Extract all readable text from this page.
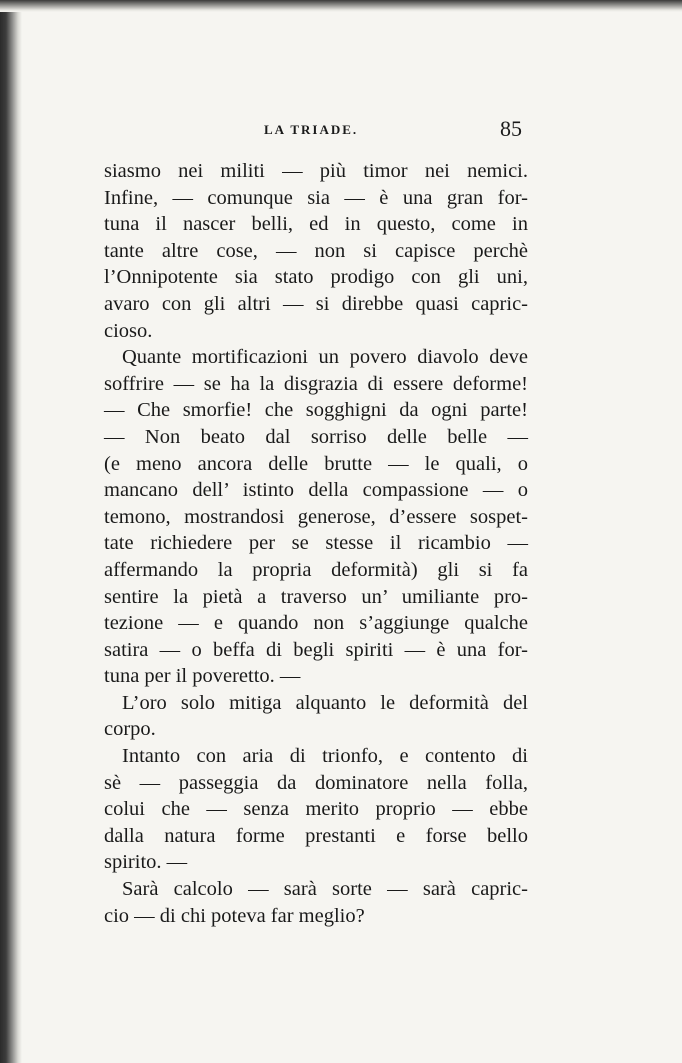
LA TRIADE.	85
siasmo nei militi — più timor nei nemici.
Infine, — comunque sia — è una gran for-
tuna il nascer belli, ed in questo, come in
tante altre cose, — non si capisce perchè
l’Onnipotente sia stato prodigo con gli uni,
avaro con gli altri — si direbbe quasi capric-
cioso.
Quante mortificazioni un povero diavolo deve
soffrire — se ha la disgrazia di essere deforme!
— Che smorfie! che sogghigni da ogni parte!
— Non beato dal sorriso delle belle —
(e meno ancora delle brutte — le quali, o
mancano dell’ istinto della compassione — o
temono, mostrandosi generose, d’essere sospet-
tate richiedere per se stesse il ricambio —
affermando la propria deformità) gli si fa
sentire la pietà a traverso un’ umiliante pro-
tezione — e quando non s’aggiunge qualche
satira — o beffa di begli spiriti — è una for-
tuna per il poveretto. —
L’oro solo mitiga alquanto le deformità del
corpo.
Intanto con aria di trionfo, e contento di
sè — passeggia da dominatore nella folla,
colui che — senza merito proprio — ebbe
dalla natura forme prestanti e forse bello
spirito. —
Sarà calcolo — sarà sorte — sarà capric-
cio — di chi poteva far meglio?
